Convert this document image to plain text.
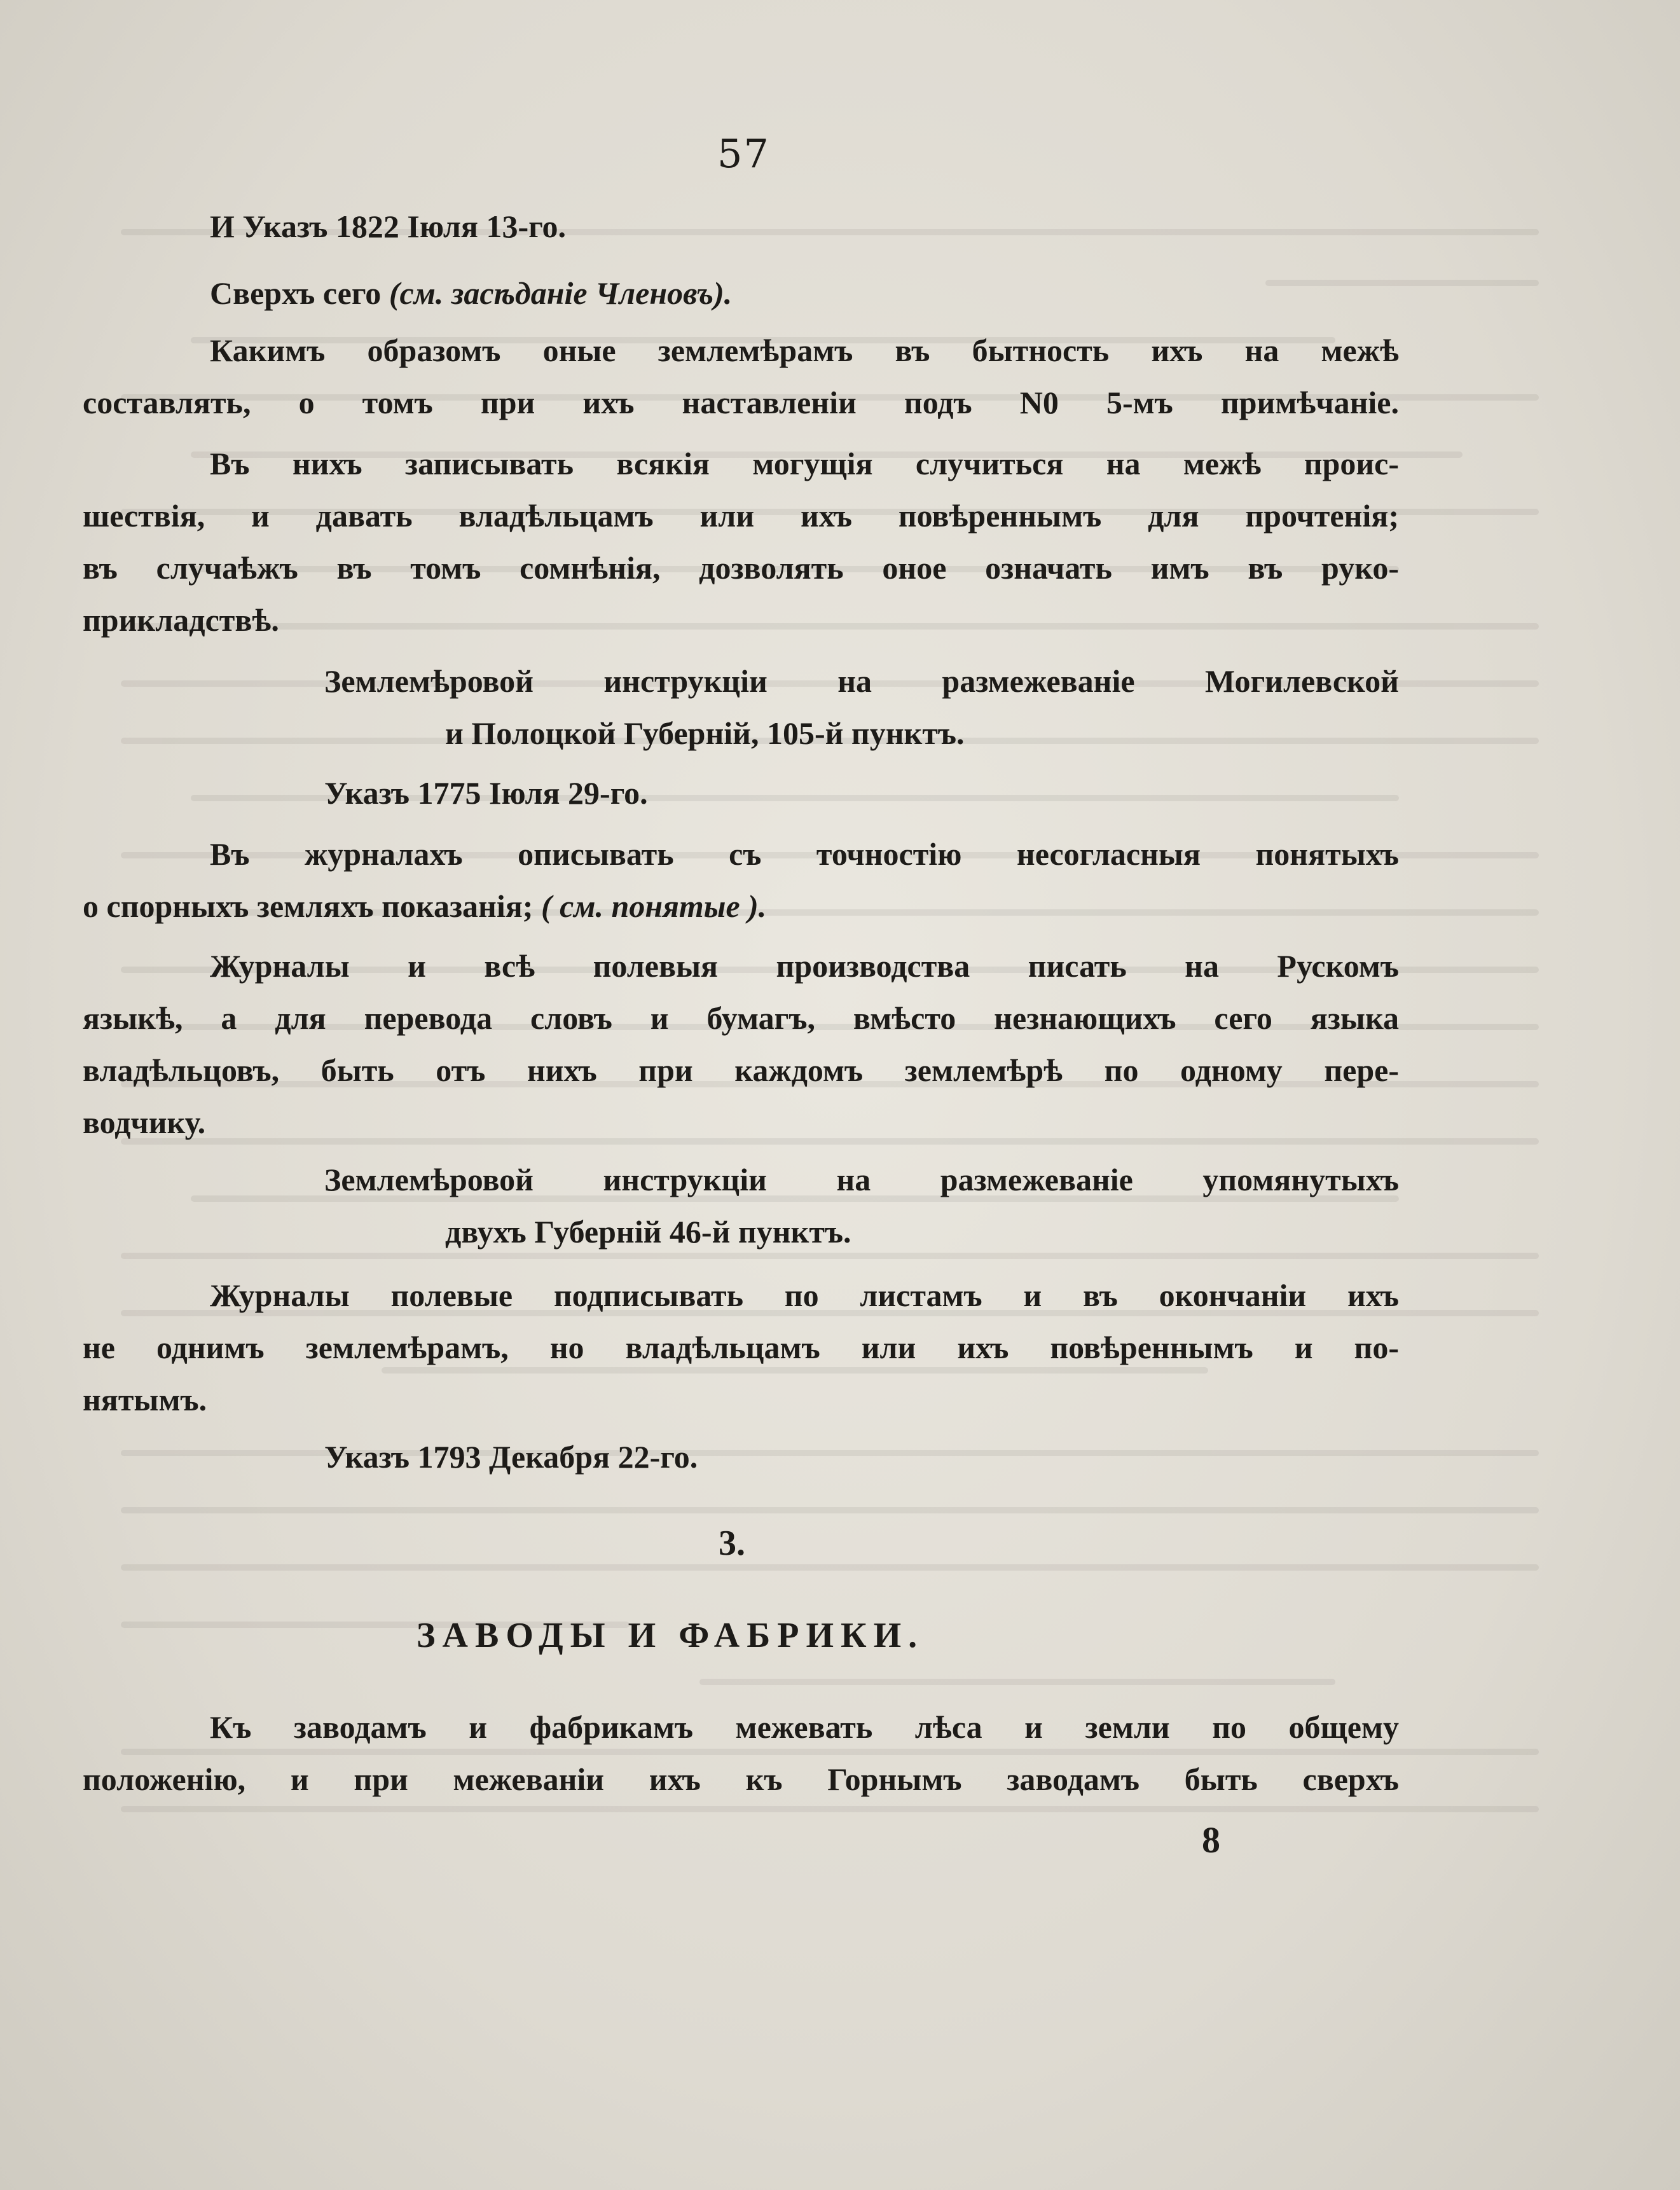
57
И Указъ 1822 Іюля 13-го.
Сверхъ сего (см. засѣданіе Членовъ).
Какимъ образомъ оные землемѣрамъ въ бытность ихъ на межѣ
составлять, о томъ при ихъ наставленіи подъ N0 5-мъ примѣчаніе.
Въ нихъ записывать всякія могущія случиться на межѣ проиc-
шествія, и давать владѣльцамъ или ихъ повѣреннымъ для прочтенія;
въ случаѣжъ въ томъ сомнѣнія, дозволять оное означать имъ въ руко-
прикладствѣ.
Землемѣровой инструкціи на размежеваніе Могилевской
и Полоцкой Губерній, 105-й пунктъ.
Указъ 1775 Іюля 29-го.
Въ журналахъ описывать съ точностію несогласныя понятыхъ
о спорныхъ земляхъ показанія; ( см. понятые ).
Журналы и всѣ полевыя производства писать на Рускомъ
языкѣ, а для перевода словъ и бумагъ, вмѣсто незнающихъ сего языка
владѣльцовъ, быть отъ нихъ при каждомъ землемѣрѣ по одному пере-
водчику.
Землемѣровой инструкціи на размежеваніе упомянутыхъ
двухъ Губерній 46-й пунктъ.
Журналы полевые подписывать по листамъ и въ окончаніи ихъ
не однимъ землемѣрамъ, но владѣльцамъ или ихъ повѣреннымъ и по-
нятымъ.
Указъ 1793 Декабря 22-го.
3.
ЗАВОДЫ И ФАБРИКИ.
Къ заводамъ и фабрикамъ межевать лѣса и земли по общему
положенію, и при межеваніи ихъ къ Горнымъ заводамъ быть сверхъ
8
